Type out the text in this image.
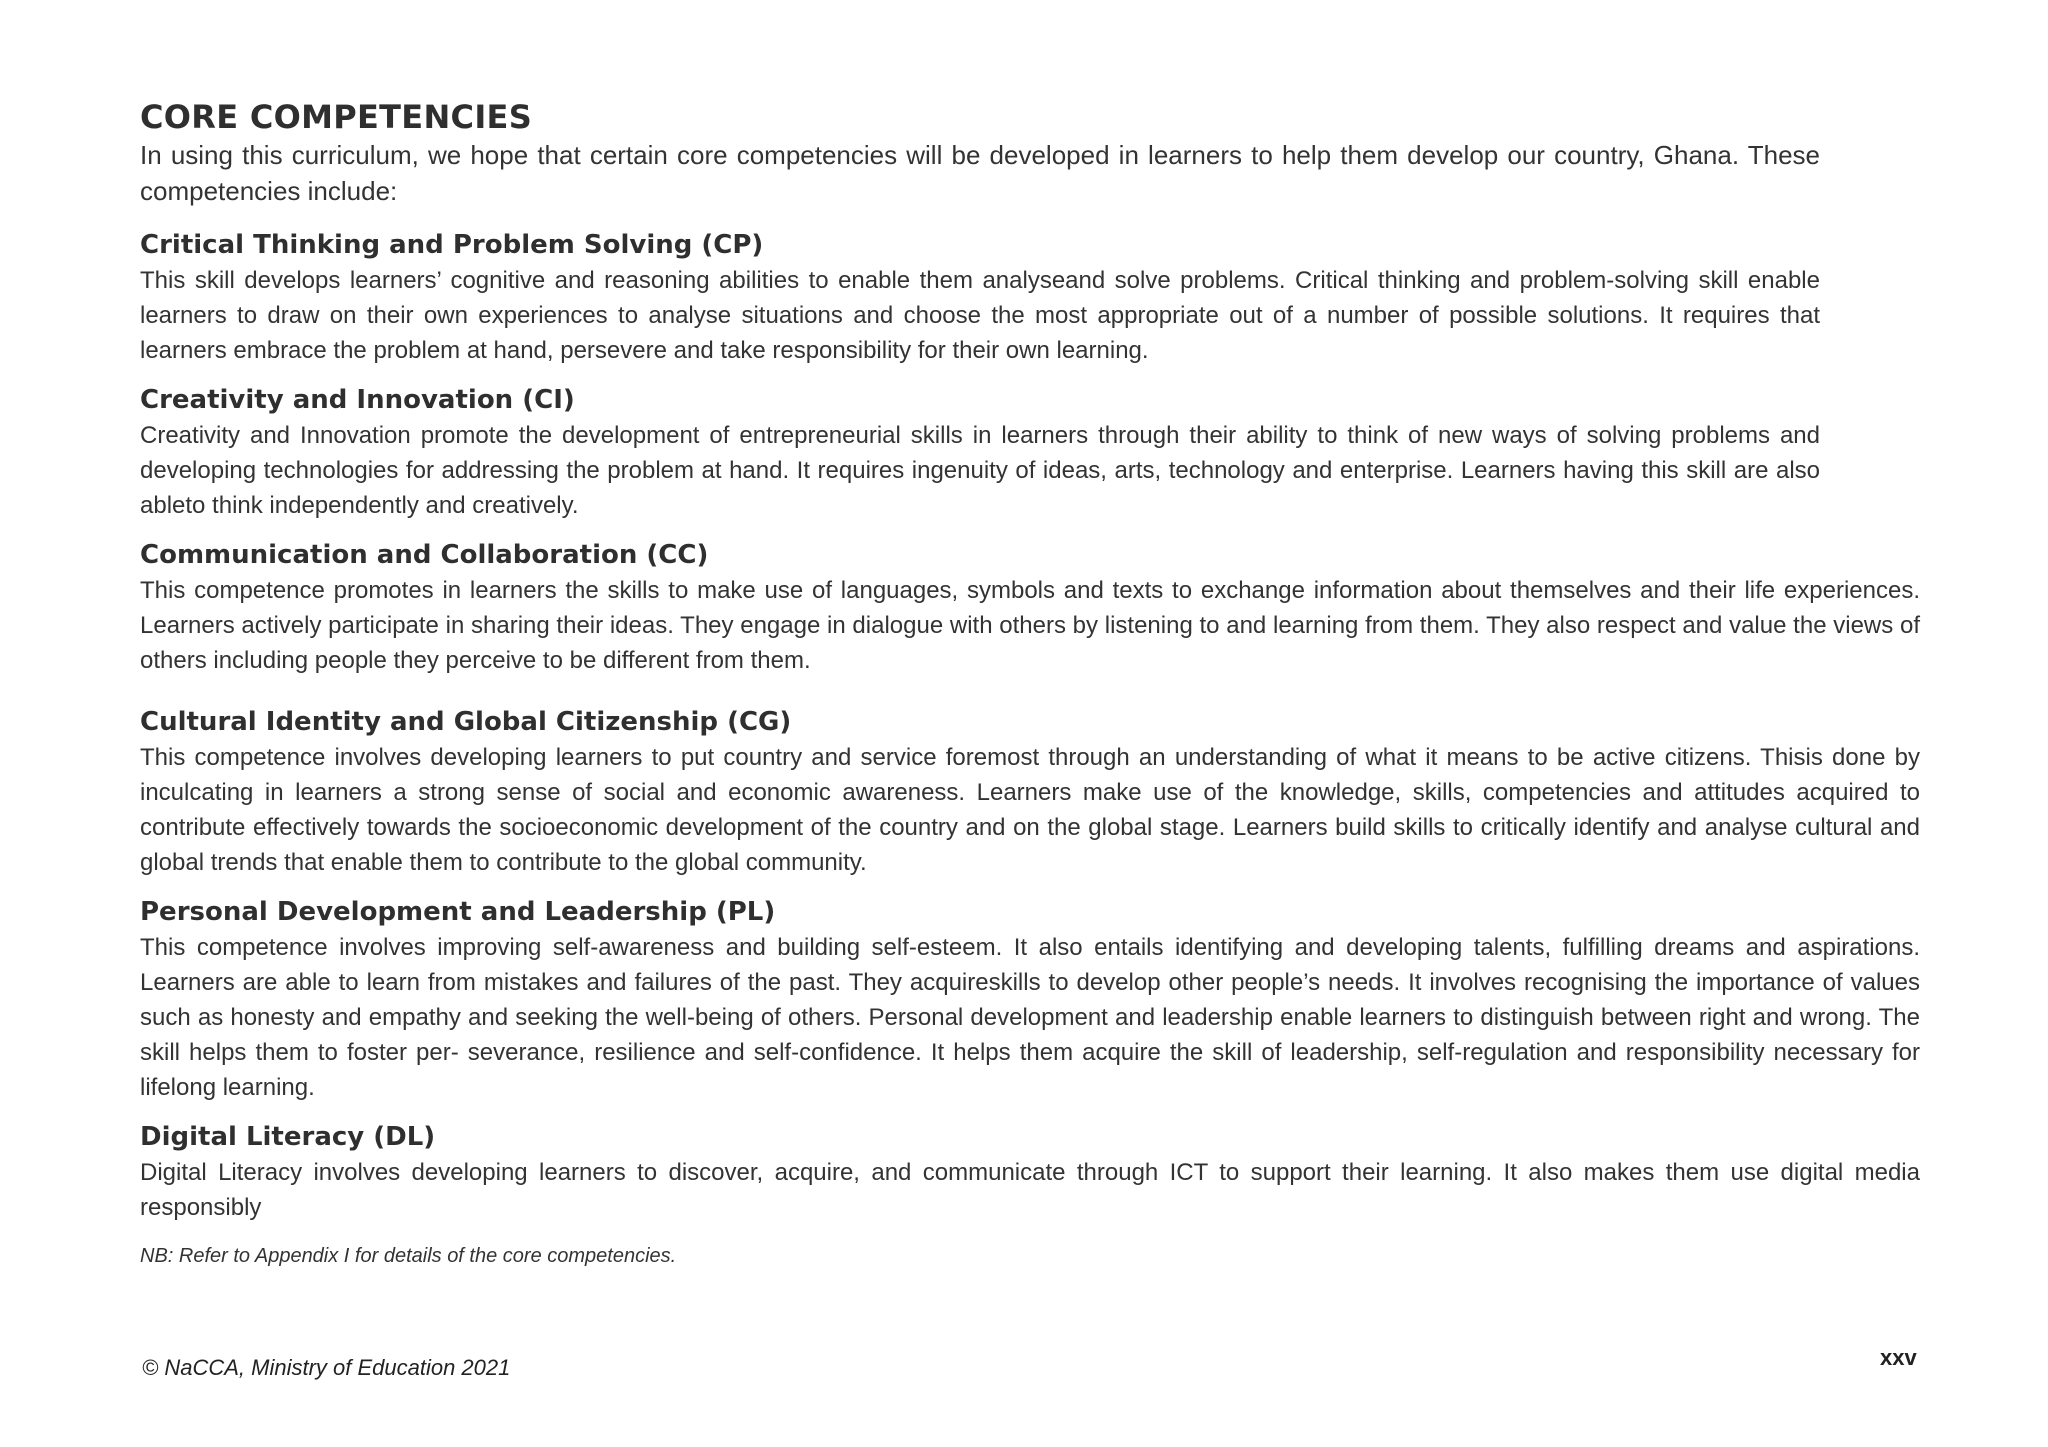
CORE COMPETENCIES

In using this curriculum, we hope that certain core competencies will be developed in learners to help them develop our country, Ghana. These competencies include:

Critical Thinking and Problem Solving (CP)

This skill develops learners’ cognitive and reasoning abilities to enable them analyseand solve problems. Critical thinking and problem-solving skill enable learners to draw on their own experiences to analyse situations and choose the most appropriate out of a number of possible solutions. It requires that learners embrace the problem at hand, persevere and take responsibility for their own learning.

Creativity and Innovation (CI)

Creativity and Innovation promote the development of entrepreneurial skills in learners through their ability to think of new ways of solving problems and developing technologies for addressing the problem at hand. It requires ingenuity of ideas, arts, technology and enterprise. Learners having this skill are also ableto think independently and creatively.

Communication and Collaboration (CC)

This competence promotes in learners the skills to make use of languages, symbols and texts to exchange information about themselves and their life experiences. Learners actively participate in sharing their ideas. They engage in dialogue with others by listening to and learning from them. They also respect and value the views of others including people they perceive to be different from them.

Cultural Identity and Global Citizenship (CG)

This competence involves developing learners to put country and service foremost through an understanding of what it means to be active citizens. Thisis done by inculcating in learners a strong sense of social and economic awareness. Learners make use of the knowledge, skills, competencies and attitudes acquired to contribute effectively towards the socioeconomic development of the country and on the global stage. Learners build skills to critically identify and analyse cultural and global trends that enable them to contribute to the global community.

Personal Development and Leadership (PL)

This competence involves improving self-awareness and building self-esteem. It also entails identifying and developing talents, fulfilling dreams and aspirations. Learners are able to learn from mistakes and failures of the past. They acquireskills to develop other people’s needs. It involves recognising the importance of values such as honesty and empathy and seeking the well-being of others. Personal development and leadership enable learners to distinguish between right and wrong. The skill helps them to foster per- severance, resilience and self-confidence. It helps them acquire the skill of leadership, self-regulation and responsibility necessary for lifelong learning.

Digital Literacy (DL)

Digital Literacy involves developing learners to discover, acquire, and communicate through ICT to support their learning. It also makes them use digital media responsibly

NB: Refer to Appendix I for details of the core competencies.

© NaCCA, Ministry of Education 2021	xxv
